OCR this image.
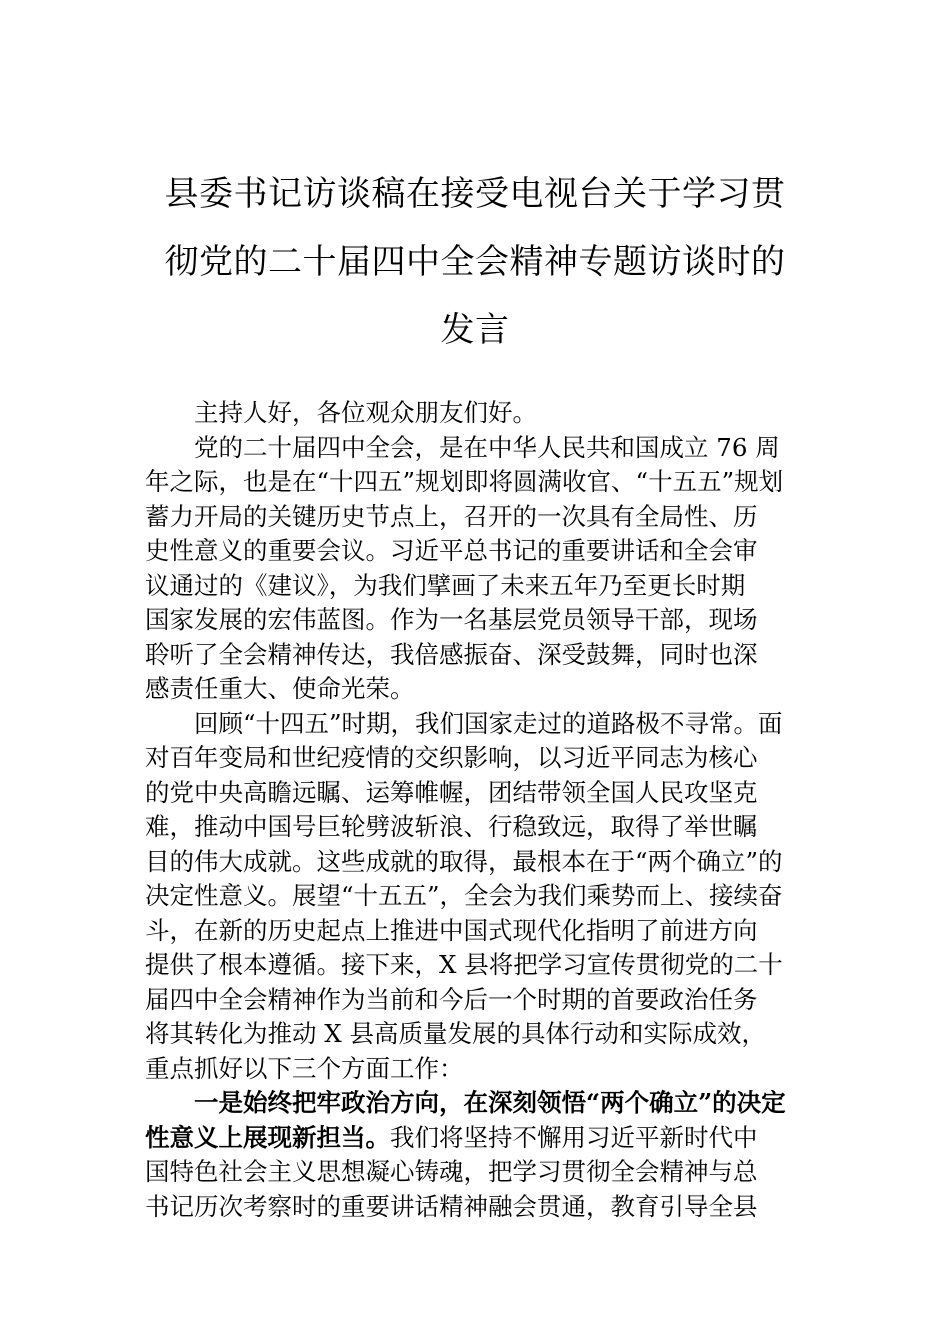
县委书记访谈稿在接受电视台关于学习贯
彻党的二十届四中全会精神专题访谈时的
发言

主持人好，各位观众朋友们好。

党的二十届四中全会，是在中华人民共和国成立 76 周
年之际，也是在“十四五”规划即将圆满收官、“十五五”规划
蓄力开局的关键历史节点上，召开的一次具有全局性、历
史性意义的重要会议。习近平总书记的重要讲话和全会审
议通过的《建议》，为我们擘画了未来五年乃至更长时期
国家发展的宏伟蓝图。作为一名基层党员领导干部，现场
聆听了全会精神传达，我倍感振奋、深受鼓舞，同时也深
感责任重大、使命光荣。

回顾“十四五”时期，我们国家走过的道路极不寻常。面
对百年变局和世纪疫情的交织影响，以习近平同志为核心
的党中央高瞻远瞩、运筹帷幄，团结带领全国人民攻坚克
难，推动中国号巨轮劈波斩浪、行稳致远，取得了举世瞩
目的伟大成就。这些成就的取得，最根本在于“两个确立”的
决定性意义。展望“十五五”，全会为我们乘势而上、接续奋
斗，在新的历史起点上推进中国式现代化指明了前进方向
提供了根本遵循。接下来，X 县将把学习宣传贯彻党的二十
届四中全会精神作为当前和今后一个时期的首要政治任务
将其转化为推动 X 县高质量发展的具体行动和实际成效，
重点抓好以下三个方面工作：

一是始终把牢政治方向，在深刻领悟“两个确立”的决定
性意义上展现新担当。我们将坚持不懈用习近平新时代中
国特色社会主义思想凝心铸魂，把学习贯彻全会精神与总
书记历次考察时的重要讲话精神融会贯通，教育引导全县
